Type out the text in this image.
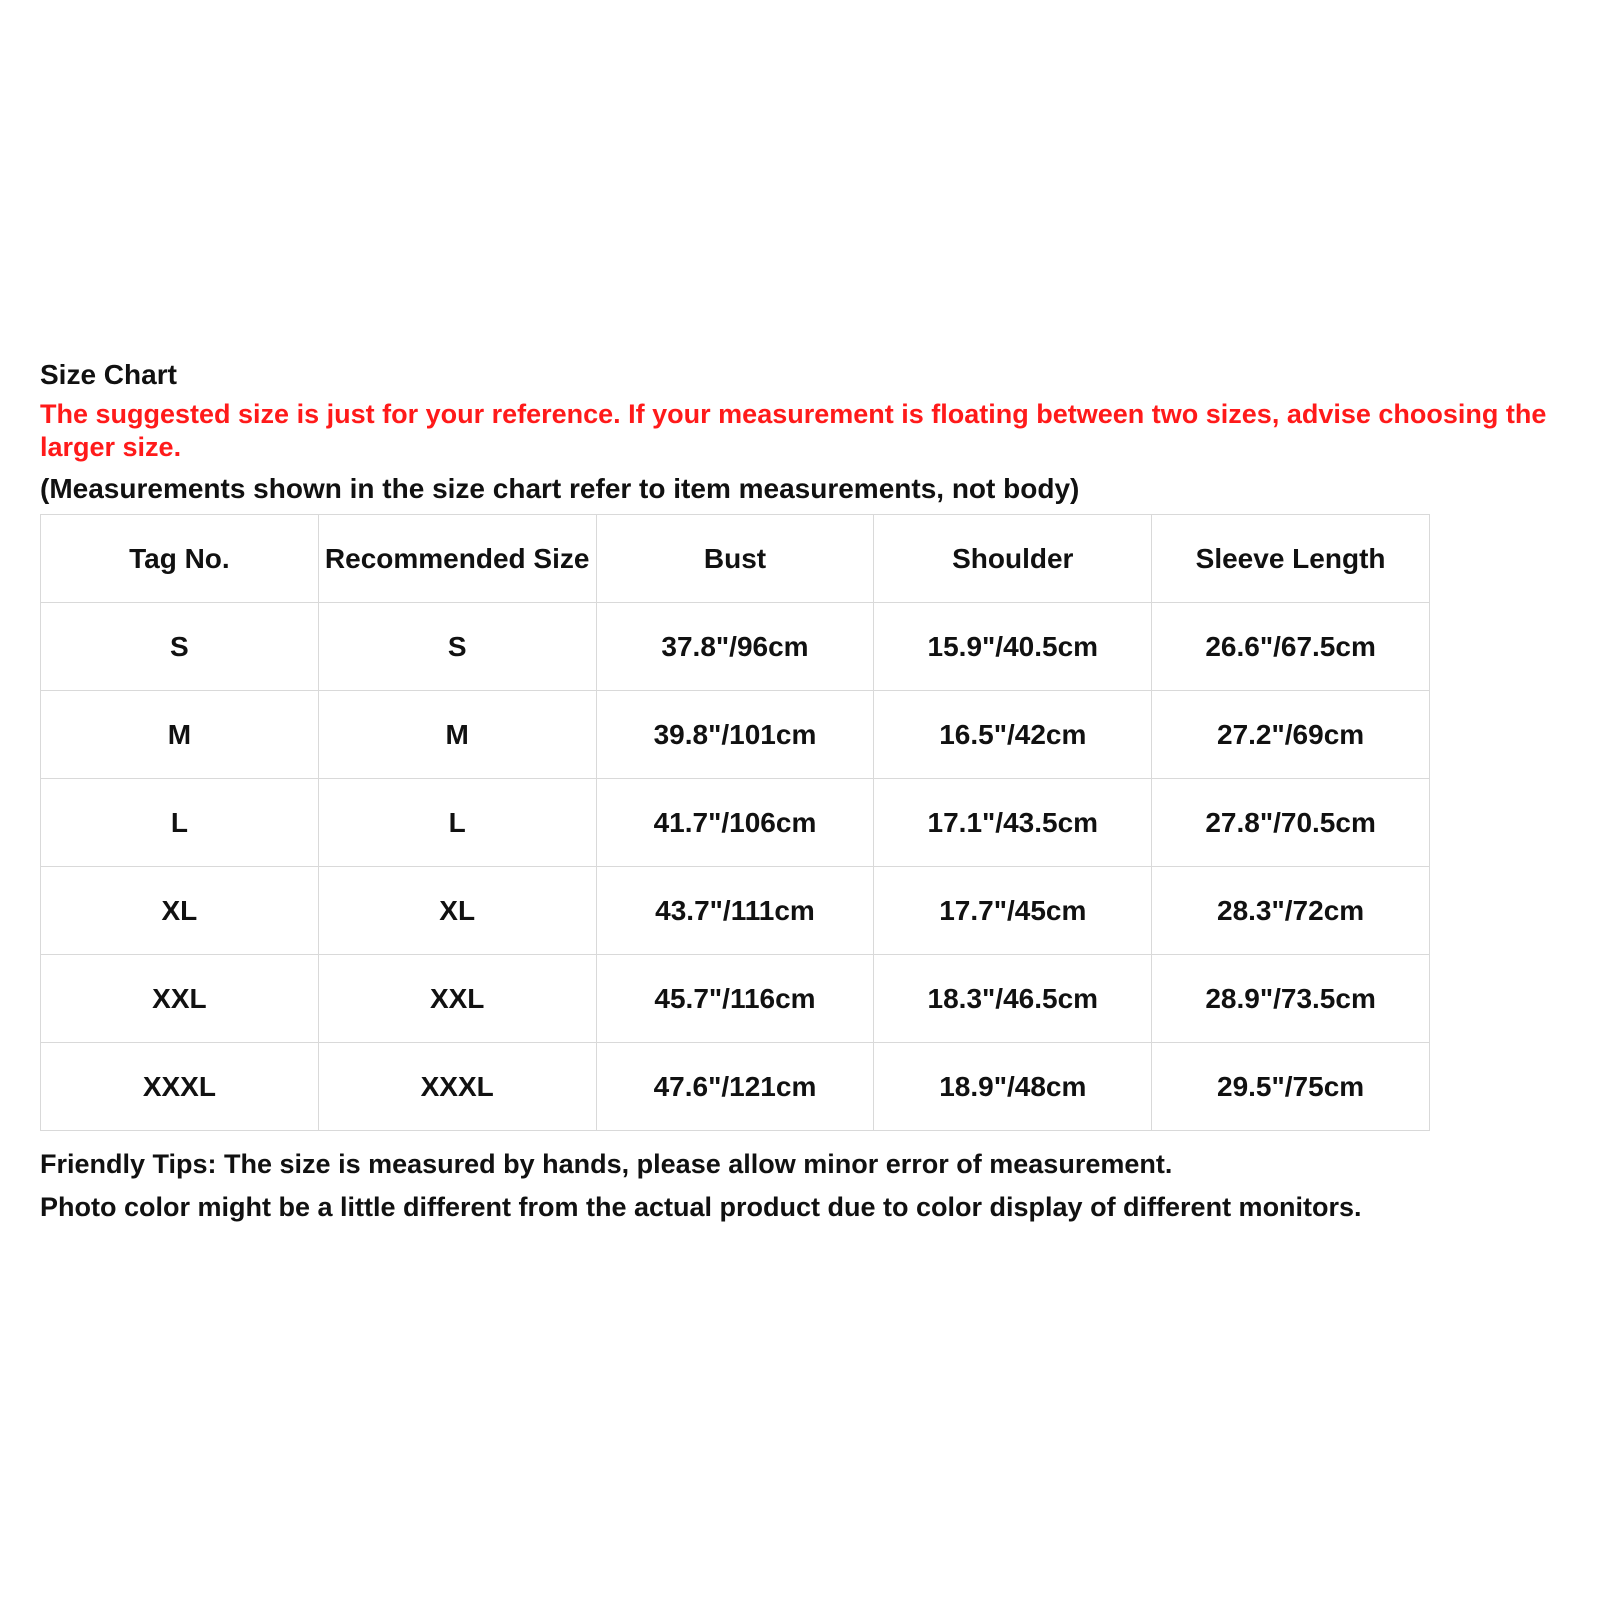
Size Chart
The suggested size is just for your reference. If your measurement is floating between two sizes, advise choosing the larger size.
(Measurements shown in the size chart refer to item measurements, not body)
Tag No.	Recommended Size	Bust	Shoulder	Sleeve Length
S	S	37.8"/96cm	15.9"/40.5cm	26.6"/67.5cm
M	M	39.8"/101cm	16.5"/42cm	27.2"/69cm
L	L	41.7"/106cm	17.1"/43.5cm	27.8"/70.5cm
XL	XL	43.7"/111cm	17.7"/45cm	28.3"/72cm
XXL	XXL	45.7"/116cm	18.3"/46.5cm	28.9"/73.5cm
XXXL	XXXL	47.6"/121cm	18.9"/48cm	29.5"/75cm
Friendly Tips: The size is measured by hands, please allow minor error of measurement.
Photo color might be a little different from the actual product due to color display of different monitors.
